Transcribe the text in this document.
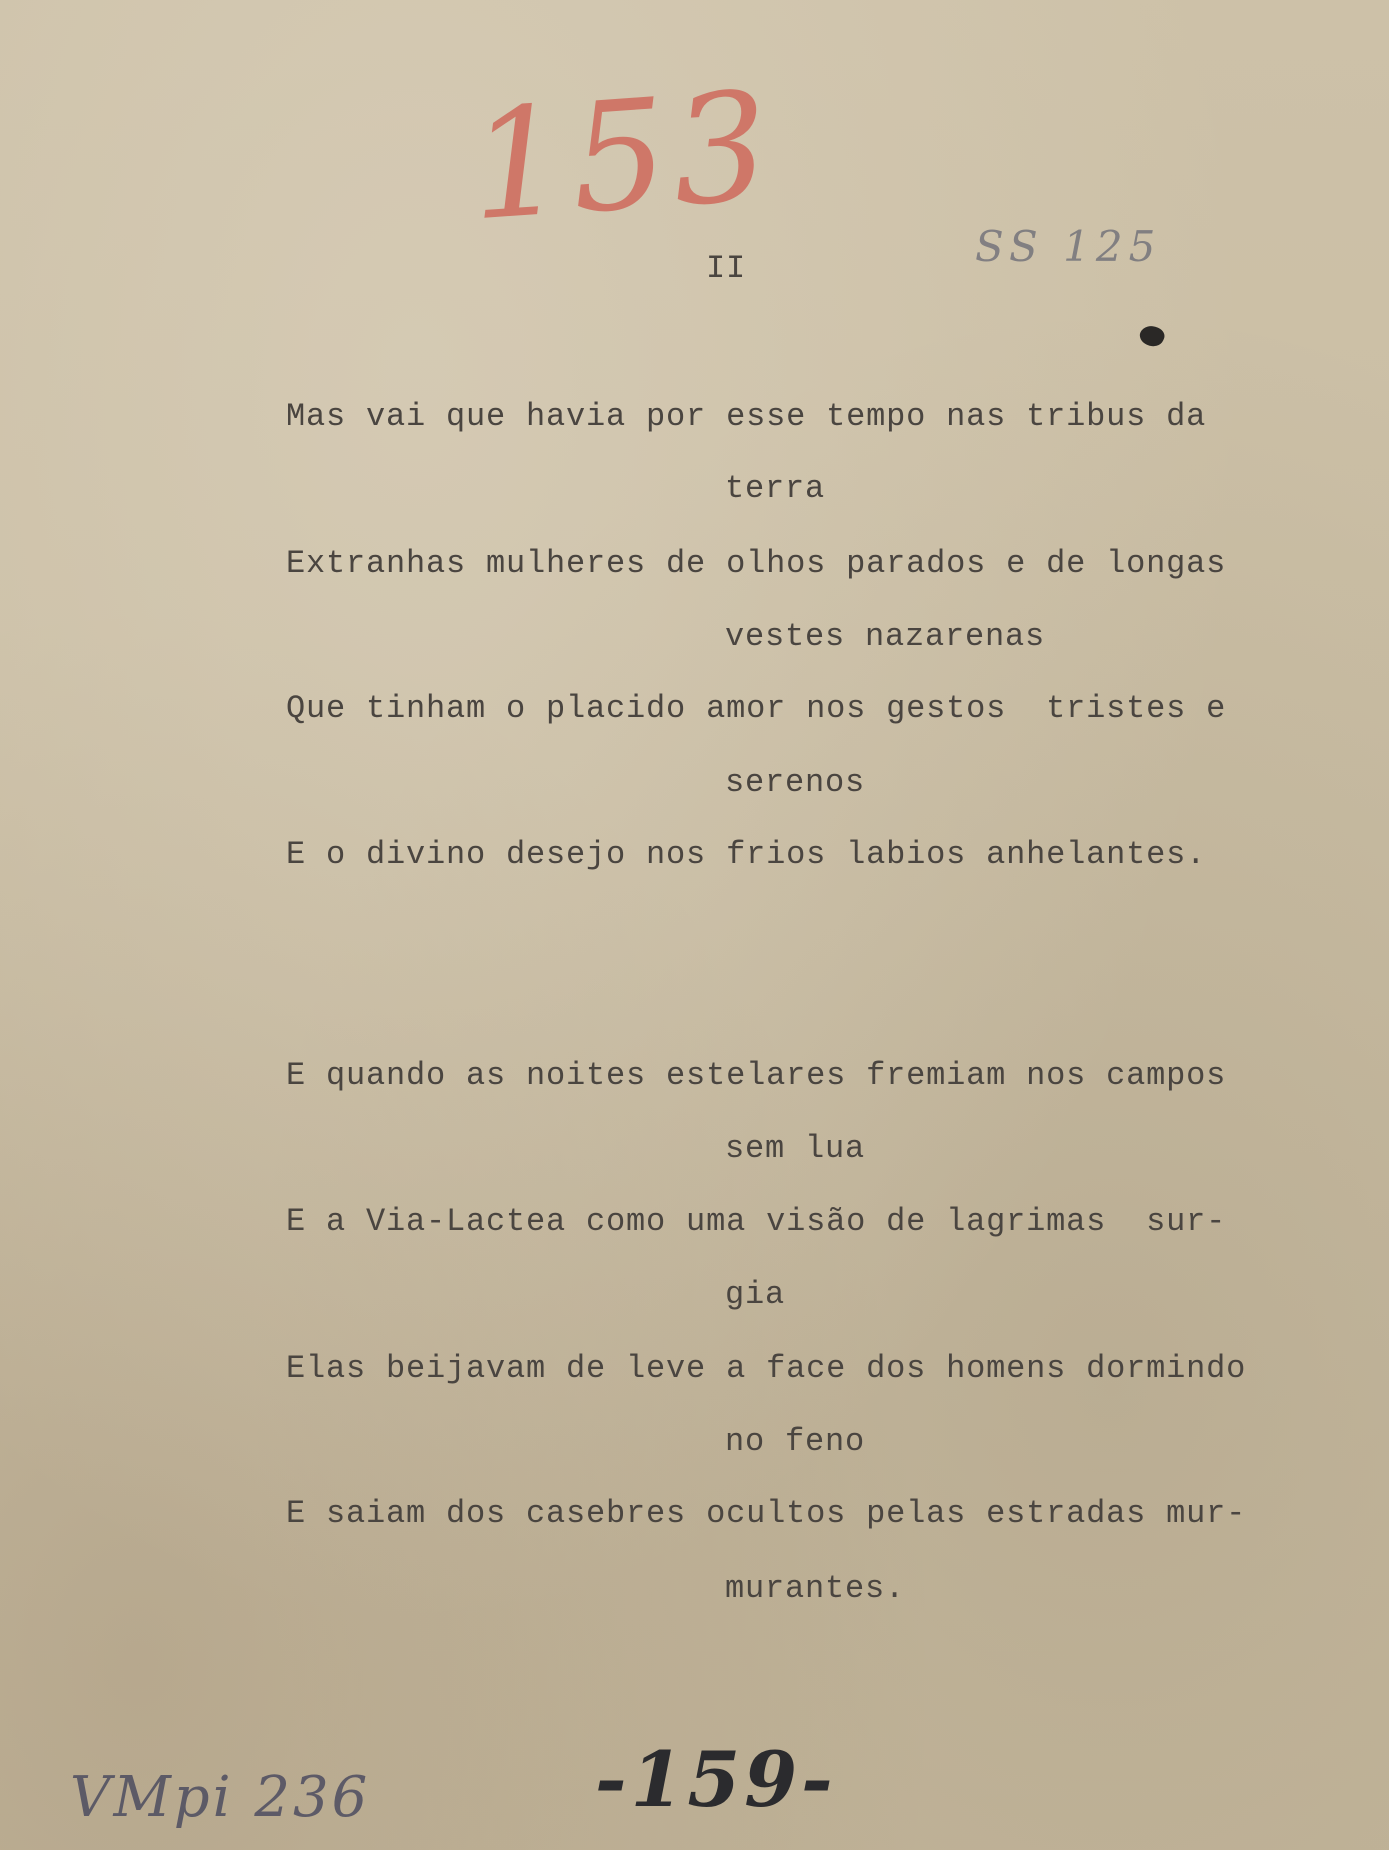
153	SS 125

II

Mas vai que havia por esse tempo nas tribus da

terra

Extranhas mulheres de olhos parados e de longas

vestes nazarenas

Que tinham o placido amor nos gestos  tristes e

serenos

E o divino desejo nos frios labios anhelantes.

E quando as noites estelares fremiam nos campos

sem lua

E a Via-Lactea como uma visão de lagrimas  sur-

gia

Elas beijavam de leve a face dos homens dormindo

no feno

E saiam dos casebres ocultos pelas estradas mur-

murantes.

-159-

VMpi 236
